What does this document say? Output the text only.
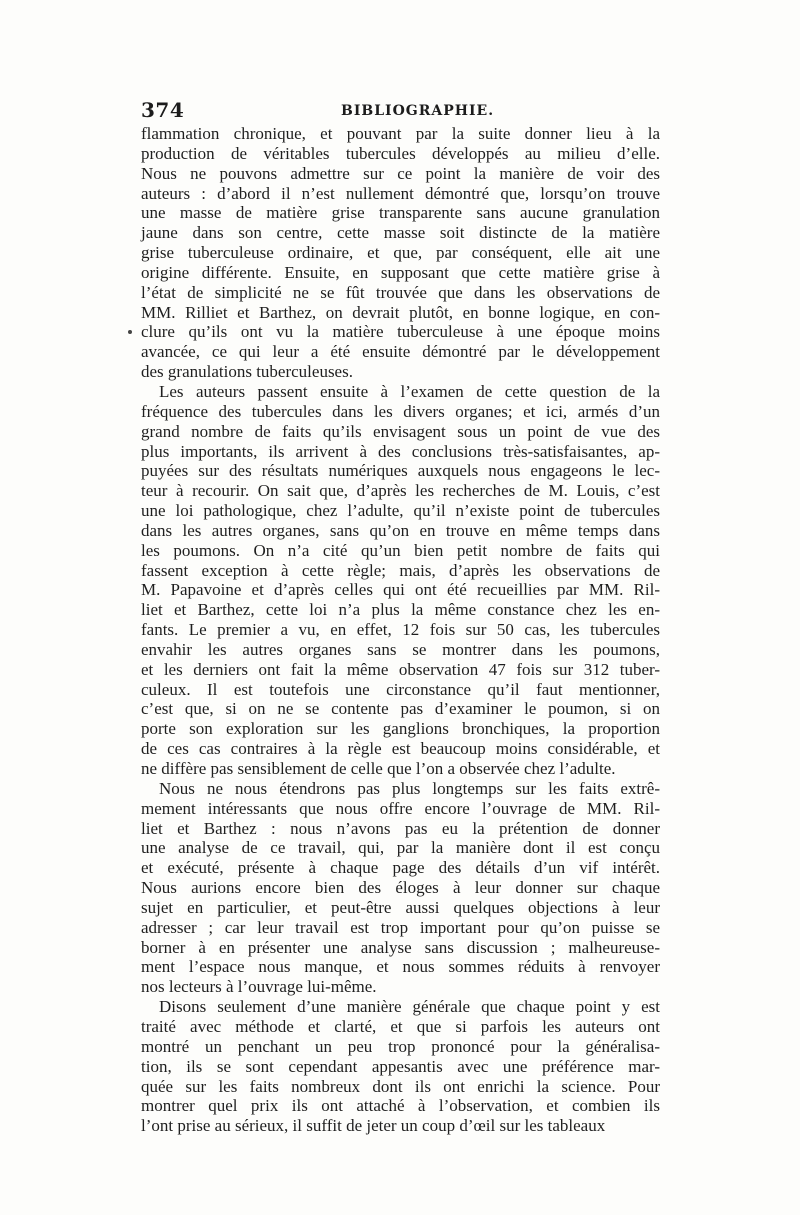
374	BIBLIOGRAPHIE.
flammation chronique, et pouvant par la suite donner lieu à la
production de véritables tubercules développés au milieu d’elle.
Nous ne pouvons admettre sur ce point la manière de voir des
auteurs : d’abord il n’est nullement démontré que, lorsqu’on trouve
une masse de matière grise transparente sans aucune granulation
jaune dans son centre, cette masse soit distincte de la matière
grise tuberculeuse ordinaire, et que, par conséquent, elle ait une
origine différente. Ensuite, en supposant que cette matière grise à
l’état de simplicité ne se fût trouvée que dans les observations de
MM. Rilliet et Barthez, on devrait plutôt, en bonne logique, en con-
clure qu’ils ont vu la matière tuberculeuse à une époque moins
avancée, ce qui leur a été ensuite démontré par le développement
des granulations tuberculeuses.
Les auteurs passent ensuite à l’examen de cette question de la
fréquence des tubercules dans les divers organes; et ici, armés d’un
grand nombre de faits qu’ils envisagent sous un point de vue des
plus importants, ils arrivent à des conclusions très-satisfaisantes, ap-
puyées sur des résultats numériques auxquels nous engageons le lec-
teur à recourir. On sait que, d’après les recherches de M. Louis, c’est
une loi pathologique, chez l’adulte, qu’il n’existe point de tubercules
dans les autres organes, sans qu’on en trouve en même temps dans
les poumons. On n’a cité qu’un bien petit nombre de faits qui
fassent exception à cette règle; mais, d’après les observations de
M. Papavoine et d’après celles qui ont été recueillies par MM. Ril-
liet et Barthez, cette loi n’a plus la même constance chez les en-
fants. Le premier a vu, en effet, 12 fois sur 50 cas, les tubercules
envahir les autres organes sans se montrer dans les poumons,
et les derniers ont fait la même observation 47 fois sur 312 tuber-
culeux. Il est toutefois une circonstance qu’il faut mentionner,
c’est que, si on ne se contente pas d’examiner le poumon, si on
porte son exploration sur les ganglions bronchiques, la proportion
de ces cas contraires à la règle est beaucoup moins considérable, et
ne diffère pas sensiblement de celle que l’on a observée chez l’adulte.
Nous ne nous étendrons pas plus longtemps sur les faits extrê-
mement intéressants que nous offre encore l’ouvrage de MM. Ril-
liet et Barthez : nous n’avons pas eu la prétention de donner
une analyse de ce travail, qui, par la manière dont il est conçu
et exécuté, présente à chaque page des détails d’un vif intérêt.
Nous aurions encore bien des éloges à leur donner sur chaque
sujet en particulier, et peut-être aussi quelques objections à leur
adresser ; car leur travail est trop important pour qu’on puisse se
borner à en présenter une analyse sans discussion ; malheureuse-
ment l’espace nous manque, et nous sommes réduits à renvoyer
nos lecteurs à l’ouvrage lui-même.
Disons seulement d’une manière générale que chaque point y est
traité avec méthode et clarté, et que si parfois les auteurs ont
montré un penchant un peu trop prononcé pour la généralisa-
tion, ils se sont cependant appesantis avec une préférence mar-
quée sur les faits nombreux dont ils ont enrichi la science. Pour
montrer quel prix ils ont attaché à l’observation, et combien ils
l’ont prise au sérieux, il suffit de jeter un coup d’œil sur les tableaux
